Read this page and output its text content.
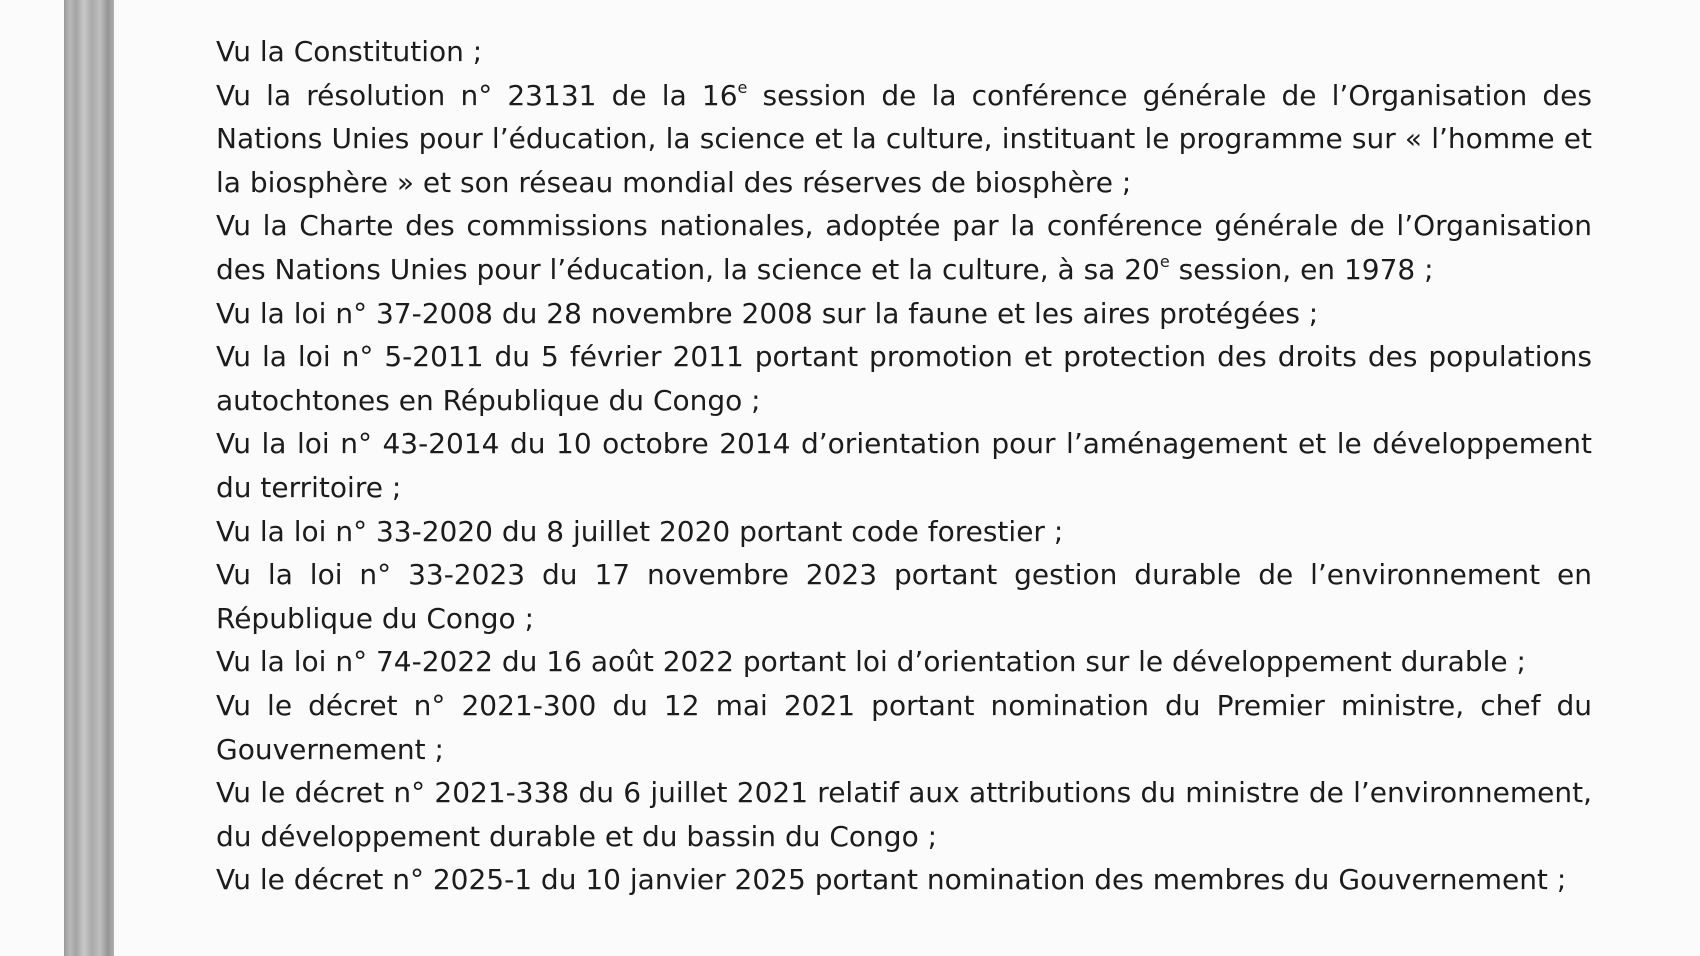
Vu la Constitution ;

Vu la résolution n° 23131 de la 16e session de la conférence générale de l’Organisation des Nations Unies pour l’éducation, la science et la culture, instituant le programme sur « l’homme et la biosphère » et son réseau mondial des réserves de biosphère ;

Vu la Charte des commissions nationales, adoptée par la conférence générale de l’Organisation des Nations Unies pour l’éducation, la science et la culture, à sa 20e session, en 1978 ;

Vu la loi n° 37-2008 du 28 novembre 2008 sur la faune et les aires protégées ;

Vu la loi n° 5-2011 du 5 février 2011 portant promotion et protection des droits des populations autochtones en République du Congo ;

Vu la loi n° 43-2014 du 10 octobre 2014 d’orientation pour l’aménagement et le développement du territoire ;

Vu la loi n° 33-2020 du 8 juillet 2020 portant code forestier ;

Vu la loi n° 33-2023 du 17 novembre 2023 portant gestion durable de l’environnement en République du Congo ;

Vu la loi n° 74-2022 du 16 août 2022 portant loi d’orientation sur le développement durable ;

Vu le décret n° 2021-300 du 12 mai 2021 portant nomination du Premier ministre, chef du Gouvernement ;

Vu le décret n° 2021-338 du 6 juillet 2021 relatif aux attributions du ministre de l’environnement, du développement durable et du bassin du Congo ;

Vu le décret n° 2025-1 du 10 janvier 2025 portant nomination des membres du Gouvernement ;
